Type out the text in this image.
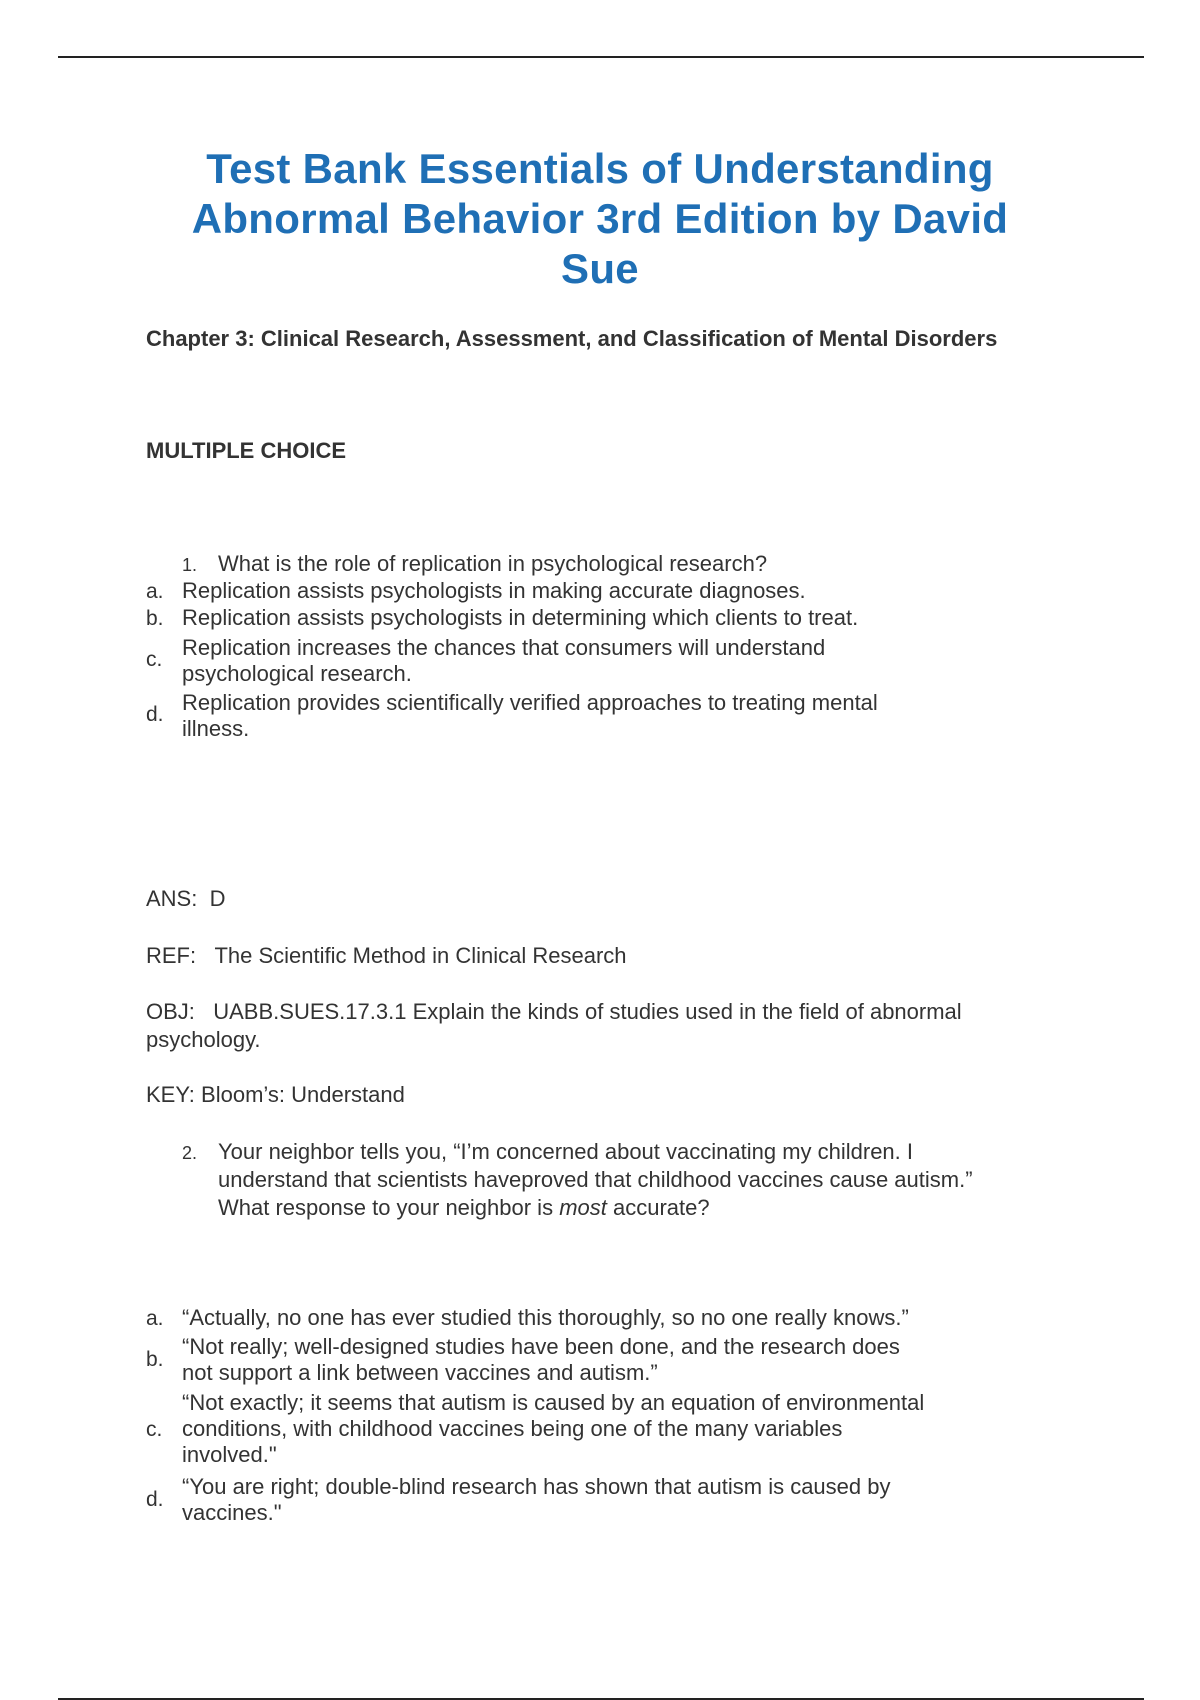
Test Bank Essentials of Understanding
Abnormal Behavior 3rd Edition by David
Sue
Chapter 3: Clinical Research, Assessment, and Classification of Mental Disorders
MULTIPLE CHOICE
1. What is the role of replication in psychological research?
a. Replication assists psychologists in making accurate diagnoses.
b. Replication assists psychologists in determining which clients to treat.
c. Replication increases the chances that consumers will understand
psychological research.
d. Replication provides scientifically verified approaches to treating mental
illness.
ANS: D
REF: The Scientific Method in Clinical Research
OBJ: UABB.SUES.17.3.1 Explain the kinds of studies used in the field of abnormal
psychology.
KEY: Bloom’s: Understand
2. Your neighbor tells you, “I’m concerned about vaccinating my children. I
understand that scientists haveproved that childhood vaccines cause autism.”
What response to your neighbor is most accurate?
a. “Actually, no one has ever studied this thoroughly, so no one really knows.”
b.
“Not really; well-designed studies have been done, and the research does
not support a link between vaccines and autism.”
c.
“Not exactly; it seems that autism is caused by an equation of environmental
conditions, with childhood vaccines being one of the many variables
involved."
d.
“You are right; double-blind research has shown that autism is caused by
vaccines."
